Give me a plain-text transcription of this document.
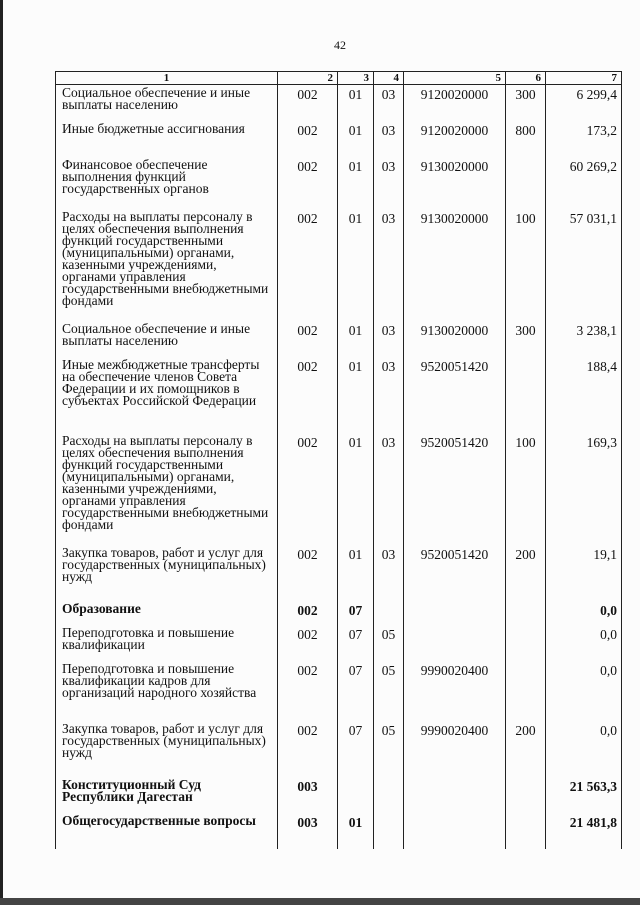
42
1	2	3	4	5	6	7
Социальное обеспечение и иные выплаты населению	002	01	03	9120020000	300	6 299,4
Иные бюджетные ассигнования	002	01	03	9120020000	800	173,2
Финансовое обеспечение выполнения функций государственных органов	002	01	03	9130020000		60 269,2
Расходы на выплаты персоналу в целях обеспечения выполнения функций государственными (муниципальными) органами, казенными учреждениями, органами управления государственными внебюджетными фондами	002	01	03	9130020000	100	57 031,1
Социальное обеспечение и иные выплаты населению	002	01	03	9130020000	300	3 238,1
Иные межбюджетные трансферты на обеспечение членов Совета Федерации и их помощников в субъектах Российской Федерации	002	01	03	9520051420		188,4
Расходы на выплаты персоналу в целях обеспечения выполнения функций государственными (муниципальными) органами, казенными учреждениями, органами управления государственными внебюджетными фондами	002	01	03	9520051420	100	169,3
Закупка товаров, работ и услуг для государственных (муниципальных) нужд	002	01	03	9520051420	200	19,1
Образование	002	07				0,0
Переподготовка и повышение квалификации	002	07	05			0,0
Переподготовка и повышение квалификации кадров для организаций народного хозяйства	002	07	05	9990020400		0,0
Закупка товаров, работ и услуг для государственных (муниципальных) нужд	002	07	05	9990020400	200	0,0
Конституционный Суд Республики Дагестан	003					21 563,3
Общегосударственные вопросы	003	01				21 481,8
